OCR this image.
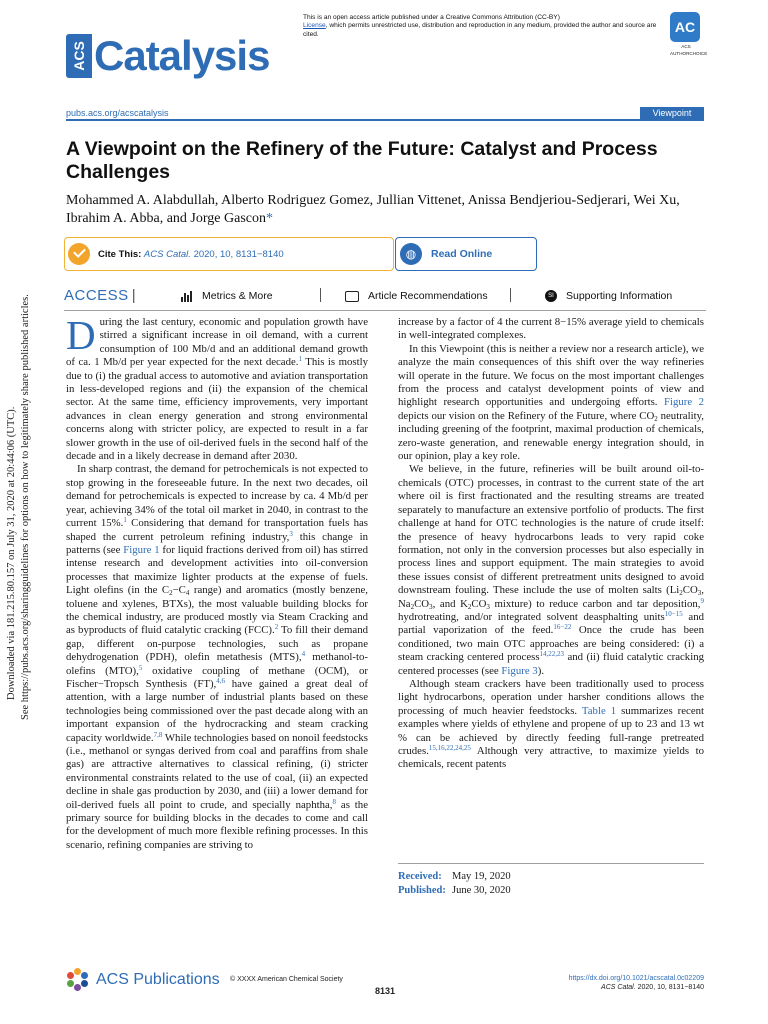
Downloaded via 181.215.80.157 on July 31, 2020 at 20:44:06 (UTC). See https://pubs.acs.org/sharingguidelines for options on how to legitimately share published articles.
This is an open access article published under a Creative Commons Attribution (CC-BY)
License, which permits unrestricted use, distribution and reproduction in any medium, provided the author and source are cited.	AC
ACS
AUTHORCHOICE
ACS Catalysis
pubs.acs.org/acscatalysis	Viewpoint
A Viewpoint on the Refinery of the Future: Catalyst and Process Challenges
Mohammed A. Alabdullah, Alberto Rodriguez Gomez, Jullian Vittenet, Anissa Bendjeriou-Sedjerari, Wei Xu, Ibrahim A. Abba, and Jorge Gascon*
Cite This: ACS Catal. 2020, 10, 8131−8140	◍	Read Online
ACCESS |	Metrics & More	Article Recommendations	SI	Supporting Information

During the last century, economic and population growth have stirred a significant increase in oil demand, with a current consumption of 100 Mb/d and an additional demand growth of ca. 1 Mb/d per year expected for the next decade.$^1$ This is mostly due to (i) the gradual access to automotive and aviation transportation in less-developed regions and (ii) the expansion of the chemical sector. At the same time, efficiency improvements, very important advances in clean energy generation and strong environmental concerns along with stricter policy, are expected to result in a far slower growth in the use of oil-derived fuels in the second half of the decade and in a likely decrease in demand after 2030.

In sharp contrast, the demand for petrochemicals is not expected to stop growing in the foreseeable future. In the next two decades, oil demand for petrochemicals is expected to increase by ca. 4 Mb/d per year, achieving 34% of the total oil market in 2040, in contrast to the current 15%.$^1$ Considering that demand for transportation fuels has shaped the current petroleum refining industry,$^3$ this change in patterns (see Figure 1 for liquid fractions derived from oil) has stirred intense research and development activities into oil-conversion processes that maximize lighter products at the expense of fuels. Light olefins (in the $C_2-C_4$ range) and aromatics (mostly benzene, toluene and xylenes, BTXs), the most valuable building blocks for the chemical industry, are produced mostly via Steam Cracking and as byproducts of fluid catalytic cracking (FCC).$^2$ To fill their demand gap, different on-purpose technologies, such as propane dehydrogenation (PDH), olefin metathesis (MTS),$^4$ methanol-to-olefins (MTO),$^5$ oxidative coupling of methane (OCM), or Fischer−Tropsch Synthesis (FT),$^{4,6}$ have gained a great deal of attention, with a large number of industrial plants based on these technologies being commissioned over the past decade along with an important expansion of the hydrocracking and steam cracking capacity worldwide.$^{7,8}$ While technologies based on nonoil feedstocks (i.e., methanol or syngas derived from coal and paraffins from shale gas) are attractive alternatives to classical refining, (i) stricter environmental constraints related to the use of coal, (ii) an expected decline in shale gas production by 2030, and (iii) a lower demand for oil-derived fuels all point to crude, and specially naphtha,$^8$ as the primary source for building blocks in the decades to come and call for the development of much more flexible refining processes. In this scenario, refining companies are striving to

increase by a factor of 4 the current 8−15% average yield to chemicals in well-integrated complexes.

In this Viewpoint (this is neither a review nor a research article), we analyze the main consequences of this shift over the way refineries will operate in the future. We focus on the most important challenges from the process and catalyst development points of view and highlight research opportunities and undergoing efforts. Figure 2 depicts our vision on the Refinery of the Future, where $CO_2$ neutrality, including greening of the footprint, maximal production of chemicals, zero-waste generation, and renewable energy integration should, in our opinion, play a key role.

We believe, in the future, refineries will be built around oil-to-chemicals (OTC) processes, in contrast to the current state of the art where oil is first fractionated and the resulting streams are treated separately to manufacture an extensive portfolio of products. The first challenge at hand for OTC technologies is the nature of crude itself: the presence of heavy hydrocarbons leads to very rapid coke formation, not only in the conversion processes but also especially in process lines and support equipment. The main strategies to avoid these issues consist of different pretreatment units designed to avoid downstream fouling. These include the use of molten salts ($Li_2CO_3$, $Na_2CO_3$, and $K_2CO_3$ mixture) to reduce carbon and tar deposition,$^9$ hydrotreating, and/or integrated solvent deasphalting units$^{10-15}$ and partial vaporization of the feed.$^{16-22}$ Once the crude has been conditioned, two main OTC approaches are being considered: (i) a steam cracking centered process$^{14,22,23}$ and (ii) fluid catalytic cracking centered processes (see Figure 3).

Although steam crackers have been traditionally used to process light hydrocarbons, operation under harsher conditions allows the processing of much heavier feedstocks. Table 1 summarizes recent examples where yields of ethylene and propene of up to 23 and 13 wt % can be achieved by directly feeding full-range pretreated crudes.$^{15,16,22,24,25}$ Although very attractive, to maximize yields to chemicals, recent patents

Received: May 19, 2020
Published: June 30, 2020
ACS Publications © XXXX American Chemical Society
8131
https://dx.doi.org/10.1021/acscatal.0c02209
ACS Catal. 2020, 10, 8131−8140
